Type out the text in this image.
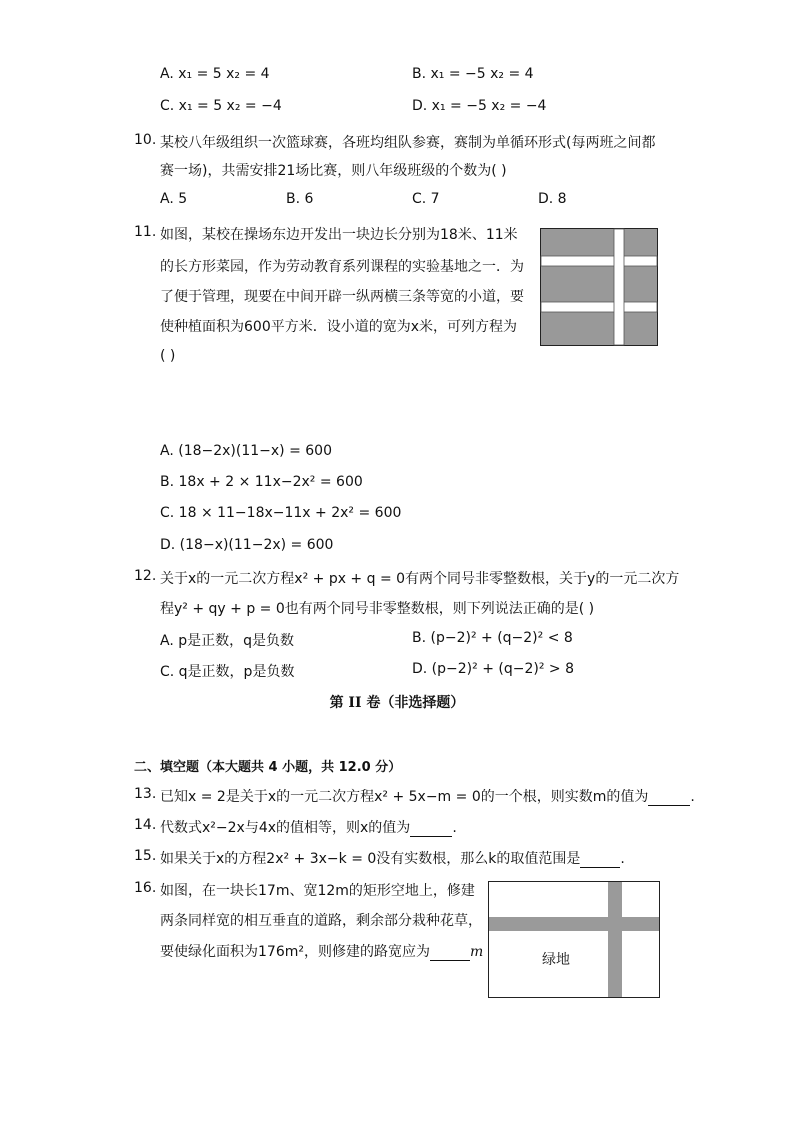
A. x₁ = 5 x₂ = 4	B. x₁ = −5 x₂ = 4
C. x₁ = 5 x₂ = −4	D. x₁ = −5 x₂ = −4
10. 某校八年级组织一次篮球赛，各班均组队参赛，赛制为单循环形式(每两班之间都
赛一场)，共需安排21场比赛，则八年级班级的个数为( )
A. 5	B. 6	C. 7	D. 8
11. 如图，某校在操场东边开发出一块边长分别为18米、11米
的长方形菜园，作为劳动教育系列课程的实验基地之一．为
了便于管理，现要在中间开辟一纵两横三条等宽的小道，要
使种植面积为600平方米．设小道的宽为x米，可列方程为
( )
A. (18−2x)(11−x) = 600
B. 18x + 2 × 11x−2x² = 600
C. 18 × 11−18x−11x + 2x² = 600
D. (18−x)(11−2x) = 600
12. 关于x的一元二次方程x² + px + q = 0有两个同号非零整数根，关于y的一元二次方
程y² + qy + p = 0也有两个同号非零整数根，则下列说法正确的是( )
A. p是正数，q是负数	B. (p−2)² + (q−2)² < 8
C. q是正数，p是负数	D. (p−2)² + (q−2)² > 8
第 II 卷（非选择题）
二、填空题（本大题共 4 小题，共 12.0 分）
13. 已知x = 2是关于x的一元二次方程x² + 5x−m = 0的一个根，则实数m的值为	.
14. 代数式x²−2x与4x的值相等，则x的值为	.
15. 如果关于x的方程2x² + 3x−k = 0没有实数根，那么k的取值范围是	.
16. 如图，在一块长17m、宽12m的矩形空地上，修建
两条同样宽的相互垂直的道路，剩余部分栽种花草，
要使绿化面积为176m²，则修建的路宽应为	m	绿地
